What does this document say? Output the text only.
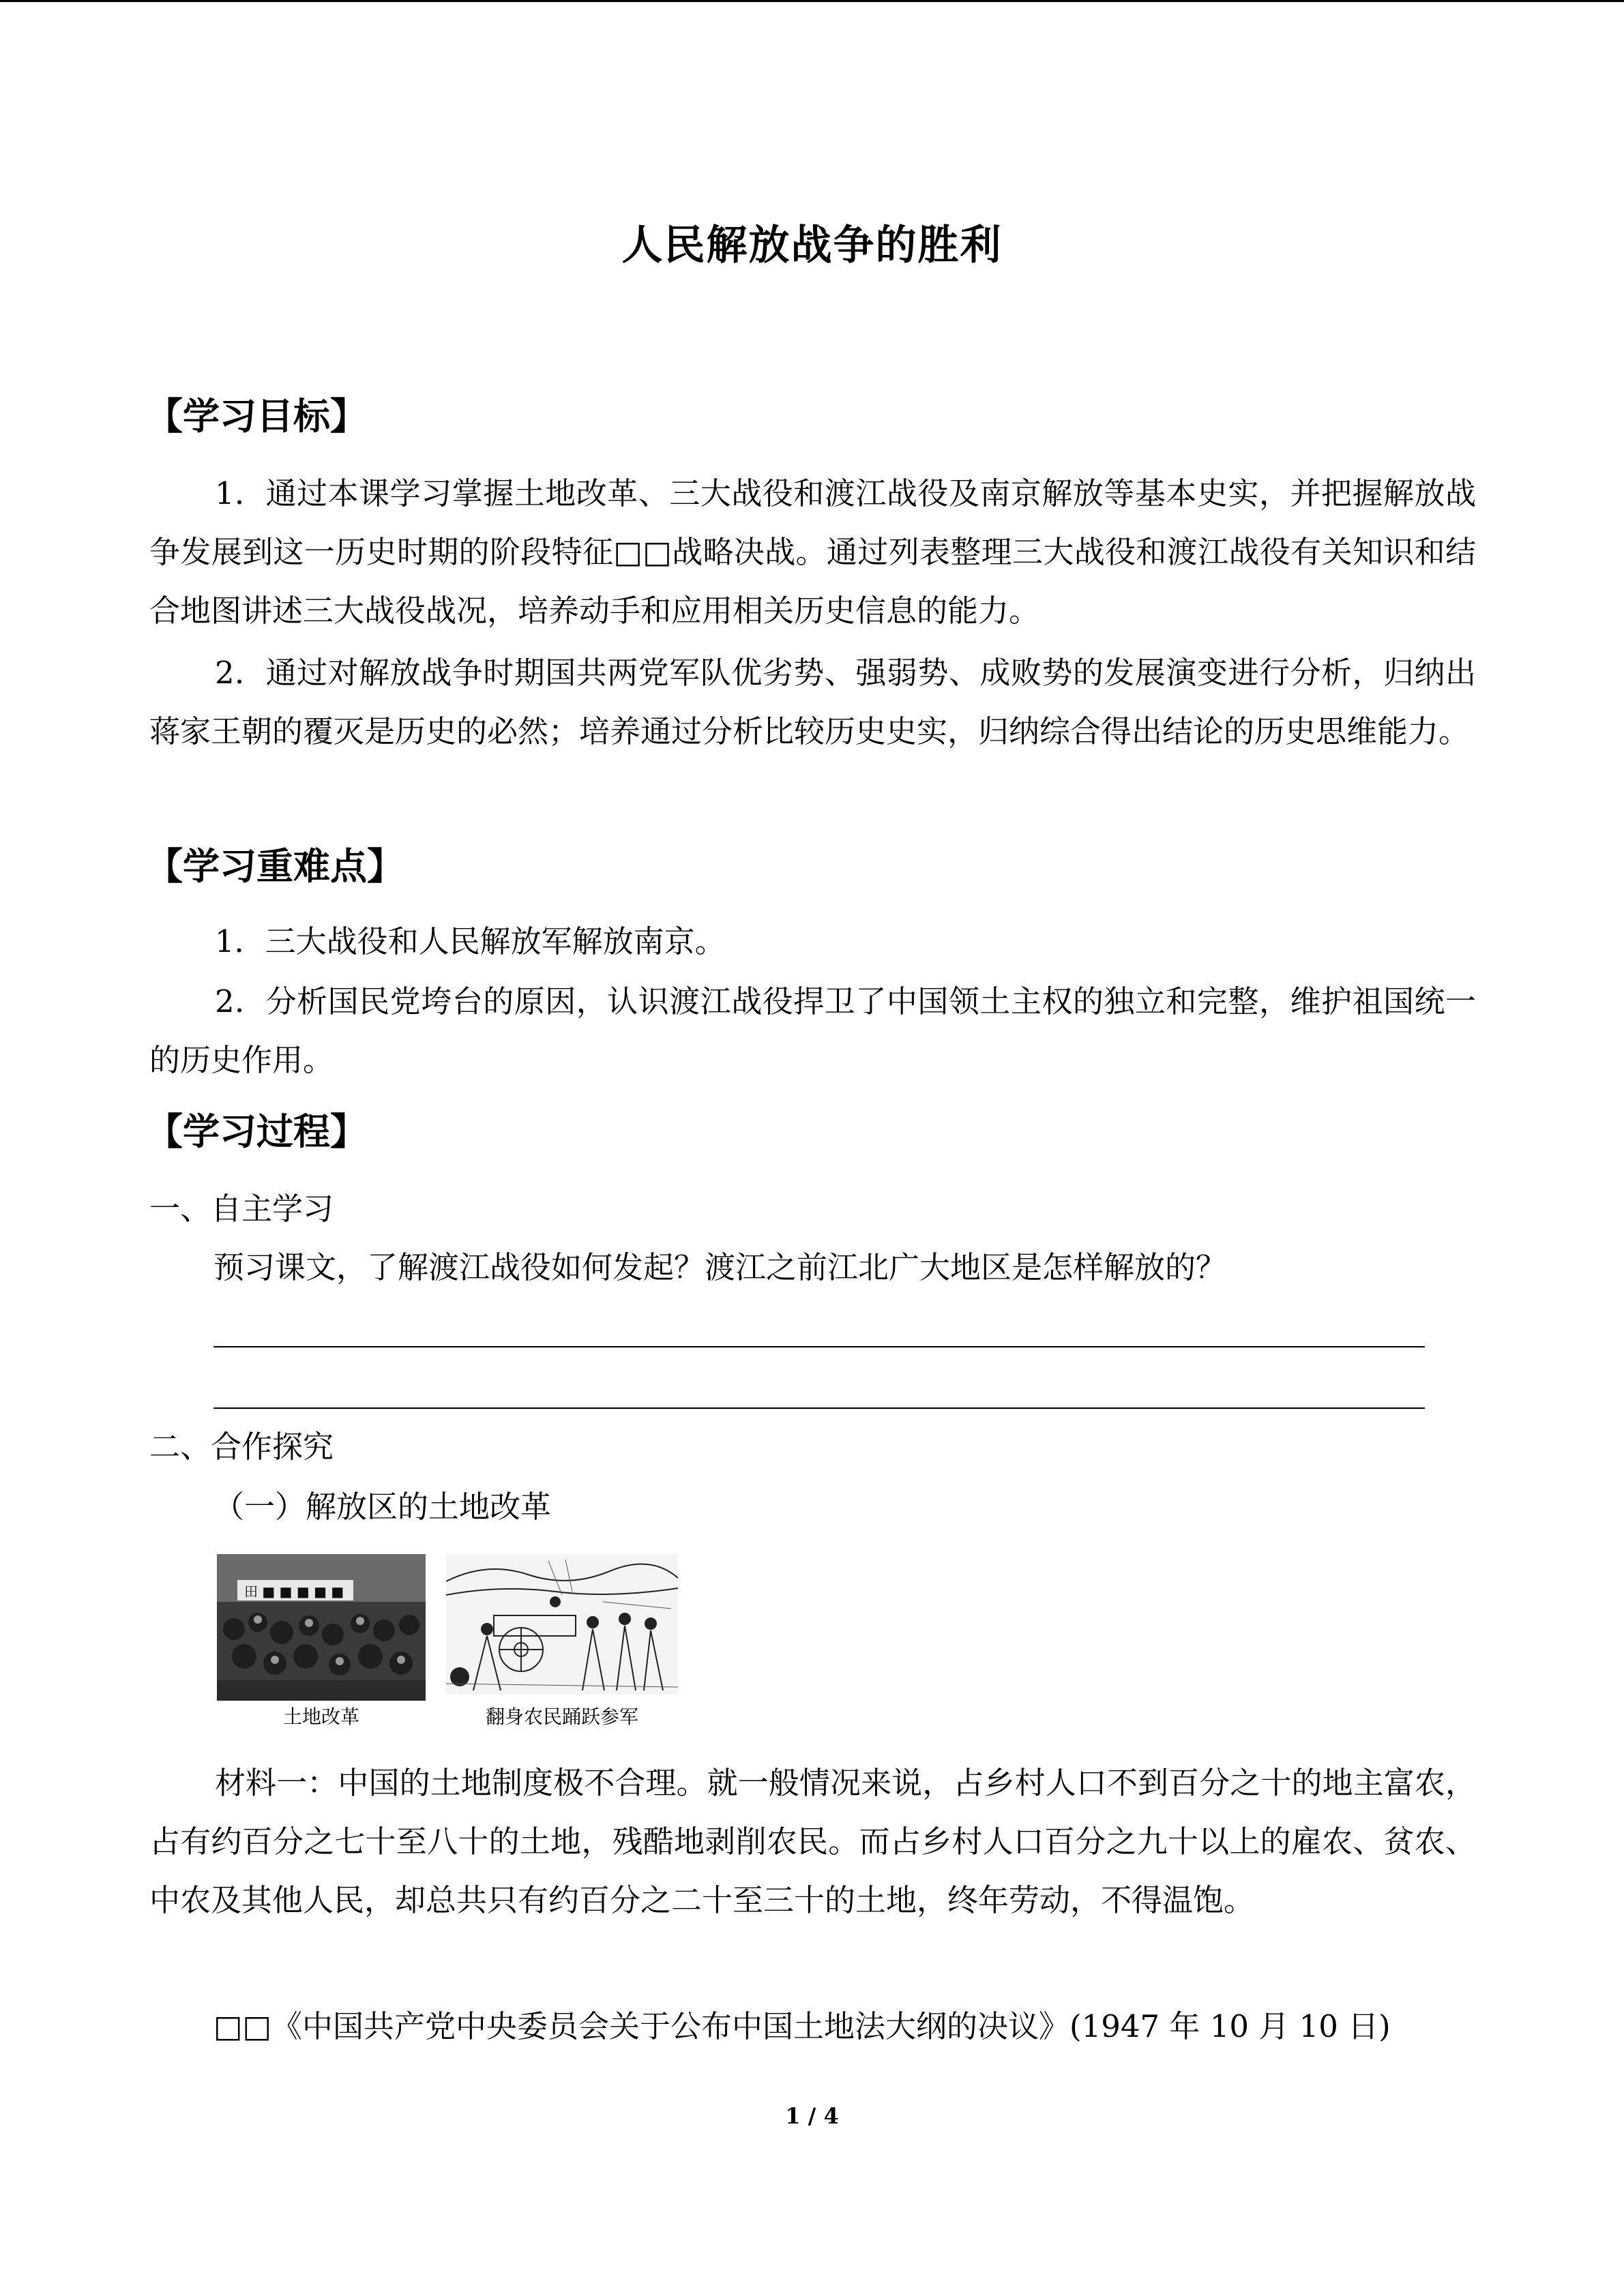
人民解放战争的胜利
【学习目标】
1．通过本课学习掌握土地改革、三大战役和渡江战役及南京解放等基本史实，并把握解放战争发展到这一历史时期的阶段特征□□战略决战。通过列表整理三大战役和渡江战役有关知识和结合地图讲述三大战役战况，培养动手和应用相关历史信息的能力。
2．通过对解放战争时期国共两党军队优劣势、强弱势、成败势的发展演变进行分析，归纳出蒋家王朝的覆灭是历史的必然；培养通过分析比较历史史实，归纳综合得出结论的历史思维能力。
【学习重难点】
1．三大战役和人民解放军解放南京。
2．分析国民党垮台的原因，认识渡江战役捍卫了中国领土主权的独立和完整，维护祖国统一的历史作用。
【学习过程】
一、自主学习
预习课文，了解渡江战役如何发起？渡江之前江北广大地区是怎样解放的？
二、合作探究
（一）解放区的土地改革
田 ■ ■ ■ ■ ■
土地改革	翻身农民踊跃参军
材料一：中国的土地制度极不合理。就一般情况来说，占乡村人口不到百分之十的地主富农，占有约百分之七十至八十的土地，残酷地剥削农民。而占乡村人口百分之九十以上的雇农、贫农、中农及其他人民，却总共只有约百分之二十至三十的土地，终年劳动，不得温饱。
□□《中国共产党中央委员会关于公布中国土地法大纲的决议》(1947 年 10 月 10 日)
1 / 4
